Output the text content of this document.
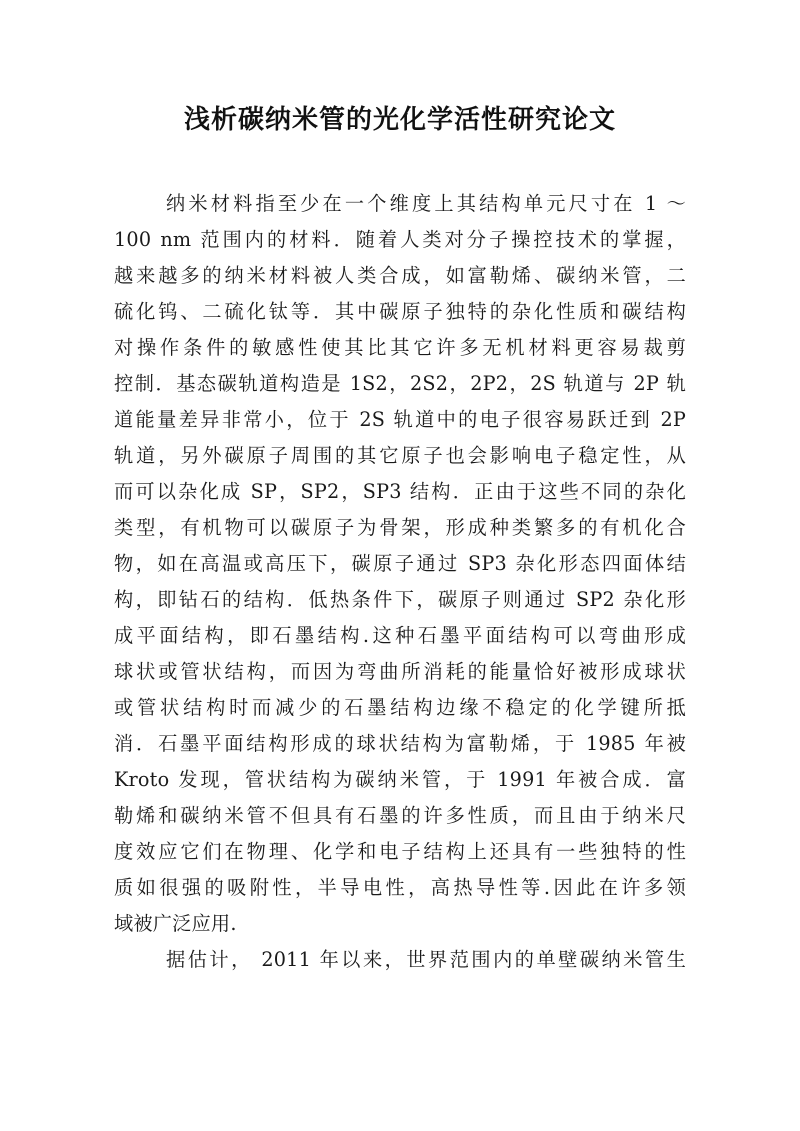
浅析碳纳米管的光化学活性研究论文
纳米材料指至少在一个维度上其结构单元尺寸在 1 ～
100 nm 范围内的材料．随着人类对分子操控技术的掌握，
越来越多的纳米材料被人类合成，如富勒烯、碳纳米管，二
硫化钨、二硫化钛等．其中碳原子独特的杂化性质和碳结构
对操作条件的敏感性使其比其它许多无机材料更容易裁剪
控制．基态碳轨道构造是 1S2，2S2，2P2，2S 轨道与 2P 轨
道能量差异非常小，位于 2S 轨道中的电子很容易跃迁到 2P
轨道，另外碳原子周围的其它原子也会影响电子稳定性，从
而可以杂化成 SP，SP2，SP3 结构．正由于这些不同的杂化
类型，有机物可以碳原子为骨架，形成种类繁多的有机化合
物，如在高温或高压下，碳原子通过 SP3 杂化形态四面体结
构，即钻石的结构．低热条件下，碳原子则通过 SP2 杂化形
成平面结构，即石墨结构.这种石墨平面结构可以弯曲形成
球状或管状结构，而因为弯曲所消耗的能量恰好被形成球状
或管状结构时而减少的石墨结构边缘不稳定的化学键所抵
消．石墨平面结构形成的球状结构为富勒烯，于 1985 年被
Kroto 发现，管状结构为碳纳米管，于 1991 年被合成．富
勒烯和碳纳米管不但具有石墨的许多性质，而且由于纳米尺
度效应它们在物理、化学和电子结构上还具有一些独特的性
质如很强的吸附性，半导电性，高热导性等.因此在许多领
域被广泛应用.
据估计， 2011 年以来，世界范围内的单壁碳纳米管生
